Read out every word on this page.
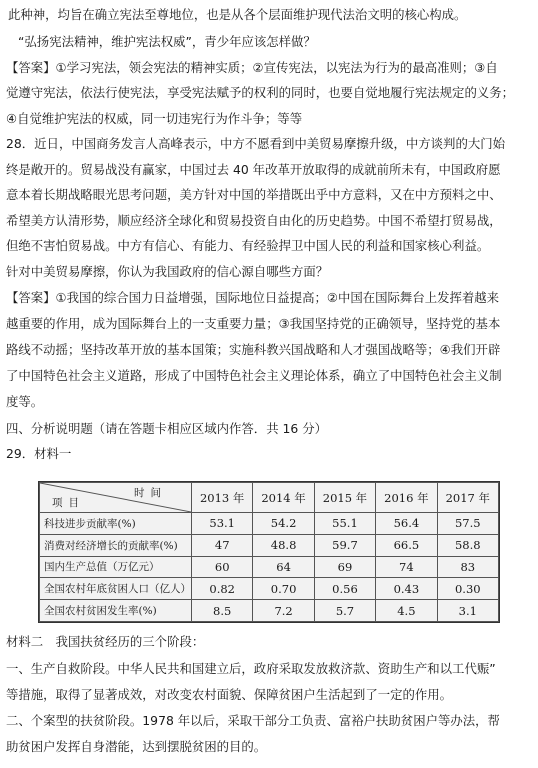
此种神，均旨在确立宪法至尊地位，也是从各个层面维护现代法治文明的核心构成。
“弘扬宪法精神，维护宪法权威”，青少年应该怎样做？
【答案】①学习宪法，领会宪法的精神实质；②宣传宪法，以宪法为行为的最高准则；③自
觉遵守宪法，依法行使宪法，享受宪法赋予的权利的同时，也要自觉地履行宪法规定的义务；
④自觉维护宪法的权威，同一切违宪行为作斗争；等等
28．近日，中国商务发言人高峰表示，中方不愿看到中美贸易摩擦升级，中方谈判的大门始
终是敞开的。贸易战没有赢家，中国过去 40 年改革开放取得的成就前所未有，中国政府愿
意本着长期战略眼光思考问题，美方针对中国的举措既出乎中方意料，又在中方预料之中、
希望美方认清形势，顺应经济全球化和贸易投资自由化的历史趋势。中国不希望打贸易战，
但绝不害怕贸易战。中方有信心、有能力、有经验捍卫中国人民的利益和国家核心利益。
针对中美贸易摩擦，你认为我国政府的信心源自哪些方面？
【答案】①我国的综合国力日益增强，国际地位日益提高；②中国在国际舞台上发挥着越来
越重要的作用，成为国际舞台上的一支重要力量；③我国坚持党的正确领导，坚持党的基本
路线不动摇；坚持改革开放的基本国策；实施科教兴国战略和人才强国战略等；④我们开辟
了中国特色社会主义道路，形成了中国特色社会主义理论体系，确立了中国特色社会主义制
度等。
四、分析说明题（请在答题卡相应区域内作答．共 16 分）
29．材料一
时间
项目	2013 年	2014 年	2015 年	2016 年	2017 年
科技进步贡献率(%)	53.1	54.2	55.1	56.4	57.5
消费对经济增长的贡献率(%)	47	48.8	59.7	66.5	58.8
国内生产总值（万亿元）	60	64	69	74	83
全国农村年底贫困人口（亿人）	0.82	0.70	0.56	0.43	0.30
全国农村贫困发生率(%)	8.5	7.2	5.7	4.5	3.1
材料二　我国扶贫经历的三个阶段：
一、生产自救阶段。中华人民共和国建立后，政府采取发放救济款、资助生产和以工代赈”
等措施，取得了显著成效，对改变农村面貌、保障贫困户生活起到了一定的作用。
二、个案型的扶贫阶段。1978 年以后，采取干部分工负责、富裕户扶助贫困户等办法，帮
助贫困户发挥自身潜能，达到摆脱贫困的目的。
